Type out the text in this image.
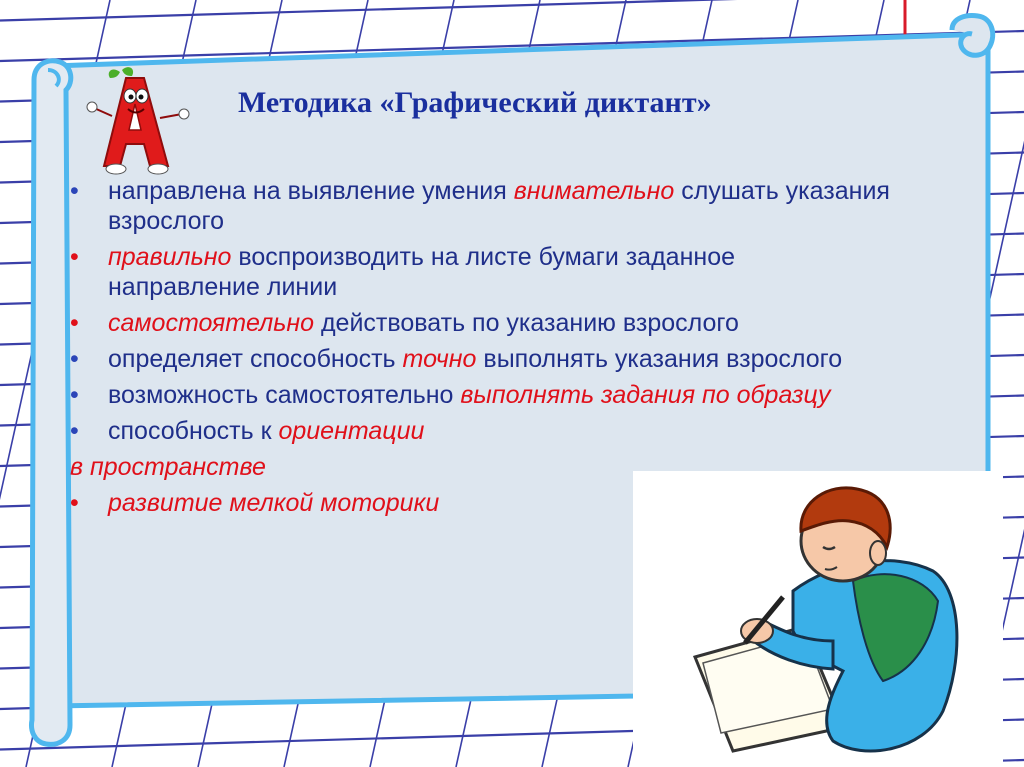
Методика «Графический диктант»
•	направлена на выявление умения внимательно слушать указания взрослого
•	правильно воспроизводить на листе бумаги заданное направление линии
•	самостоятельно действовать по указанию взрослого
•	определяет способность точно выполнять указания взрослого
•	возможность самостоятельно выполнять задания по образцу
•	способность к ориентации
в пространстве
•	развитие мелкой моторики
